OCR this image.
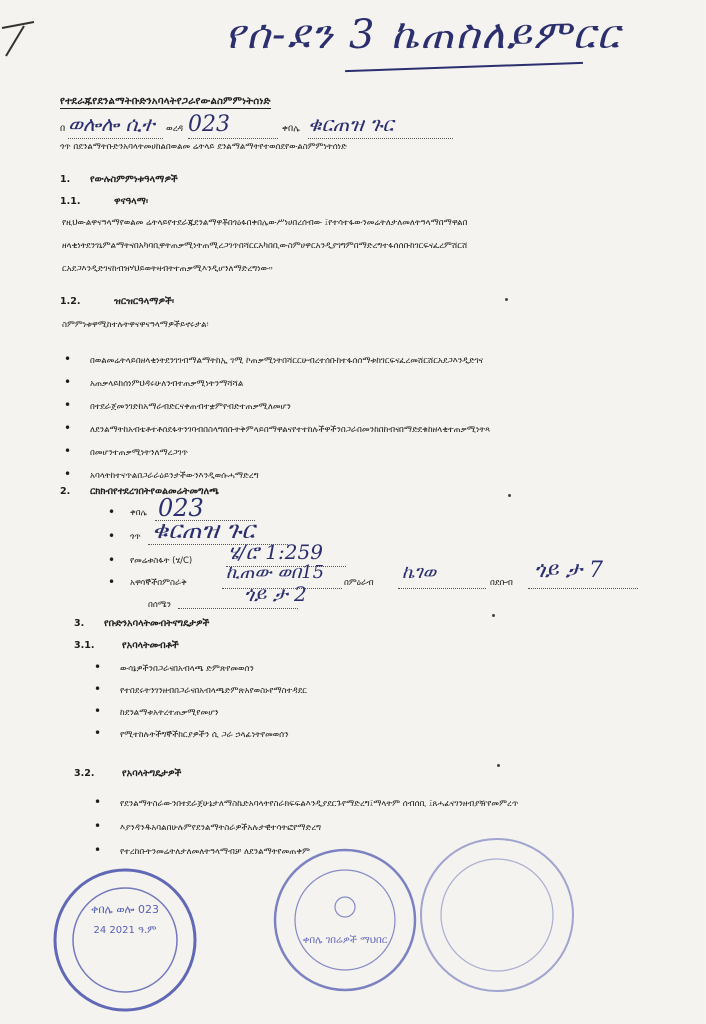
የሰ-ደን 3 ኬጠስለይምርር
የተደራጁየደንልማትቡድንአባላትየጋራየውልስምምነትሰነድ
በ ወሎሎ ሲተ ወረዳ 023	ቀበሌ ቁርጠዝ ጉር
ጎጥ በደንልማትቡድንአባላትመሀከልበወልመ ሬትላይ ደንልማልማትየተወሰደየውልስምምነትሰነድ
1. የውሉስምምነቱዓላማዎች
1.1.	ዋናዓላማ፡
የዚህውልዋናዓላማየወልመ ሬትላይየተደራጁደንልማዋቾበጎዕፋበቀበሌውሥነሀበረሰብው ፤የተሳተፋውንመሬትለታለመለትዓላማበማዋልበ
ዘላቂነትደንገኒምልማትናበአካባቢዋትጠቃሚነትጠሚረጋገጥበሻርርአካበቢውስምሀዋርአንዲያገግምበማድረግተፋሰሰቡከገርፍናፈረምሸርሸ
ርአደጋእንዲድገናከብዝሃህይወትዛብትተጠቃሚእንዲሆንለማድረግነው።
1.2.	ዝርዝርዓላማዎች፡
ስምምነቱዋሚከተሉትዋናዋናዓላማዎችይኖሩታል፡
• በወልመሬትላይበዘላቂነትደንገገብማልማትከኢ ገሚ ኮጠቃሚነትበሻርርሁብረተሰቡከተፋሰሰማቱከገርፍናፈረመሸርሸርአደጋእንዲድገና
• አጠቃላይከሰነምህዳሩሁለንብተጠቃሚነትንማሻሻል
• በተደራጀመንገድከአማራብድርናቀጠብተቋምየብድተጠቃሚለመሆን
• ለደንልማትከአብቴቶተቶሰደፋትንገባብበስላግበቡትቅምላይበማዋልናየተተከሉችዋችንበጋራበመንከበከብናበማድደቁከዘላቂተጠቃሚነትጻ
• በመሆንተጠቃሚነትንለማረጋገጥ
• አባላትከተናጥልበጋራራዕይንታችውንእንዲወሱሓማድረግ
2. ርክክብየተደረገበትየወልመሬትመግለጫ
• ቀበሌ 023
• ጎጥ ቁርጠዝ ጉር
• የመሬቱስፋት (ሄ/C) ሄ/ሮ 1:259
• አዋሳኞችበምስራቅ ኪጠው ወበ15 በምዕራብ ኬገወ	በደቡብ ጎይ ታ 7
በሰሜን	ጎይ ታ 2
3. የቡድንአባላትመብትናግዴታዎች
3.1.	የአባላትመብቶች
• ውሳኔዎችንበጋራናበአብላጫ ድምጽየመወሰን
• የተበደሩትንገንዘብበጋራናበአብላጫድምጽአየወስኑየማስተዳደር
• ከደንልማቱአትረተጠቃሚየመሆን
• የሚተከሉትችግኞችከርያዎችን ሲ ጋራ ኃላፊነትየመወሰን
3.2.	የአባላትግዴታዎች
• የደንልማትስራውንበተደራጀሁኔታለማስኬድአባላትየስራክፍፍልእንዲያደርጉየማድረግ፤ማላትም ሰብሰቢ ፤ጸሓፊናገንዘብያዥየመምረጥ
• እያንዳንዱአባልበሁሉምየደንልማትስራዎችአሉታዊተሳትፎየማድረግ
• የተረከቡትንመሬትለታለመለትዓላማብቻ ለደንልማትየመጠቀም
ቀበሌ ወሎ 023
24 2021 ዓ.ም
ቀበሌ ገበሬዎች ማህበር
